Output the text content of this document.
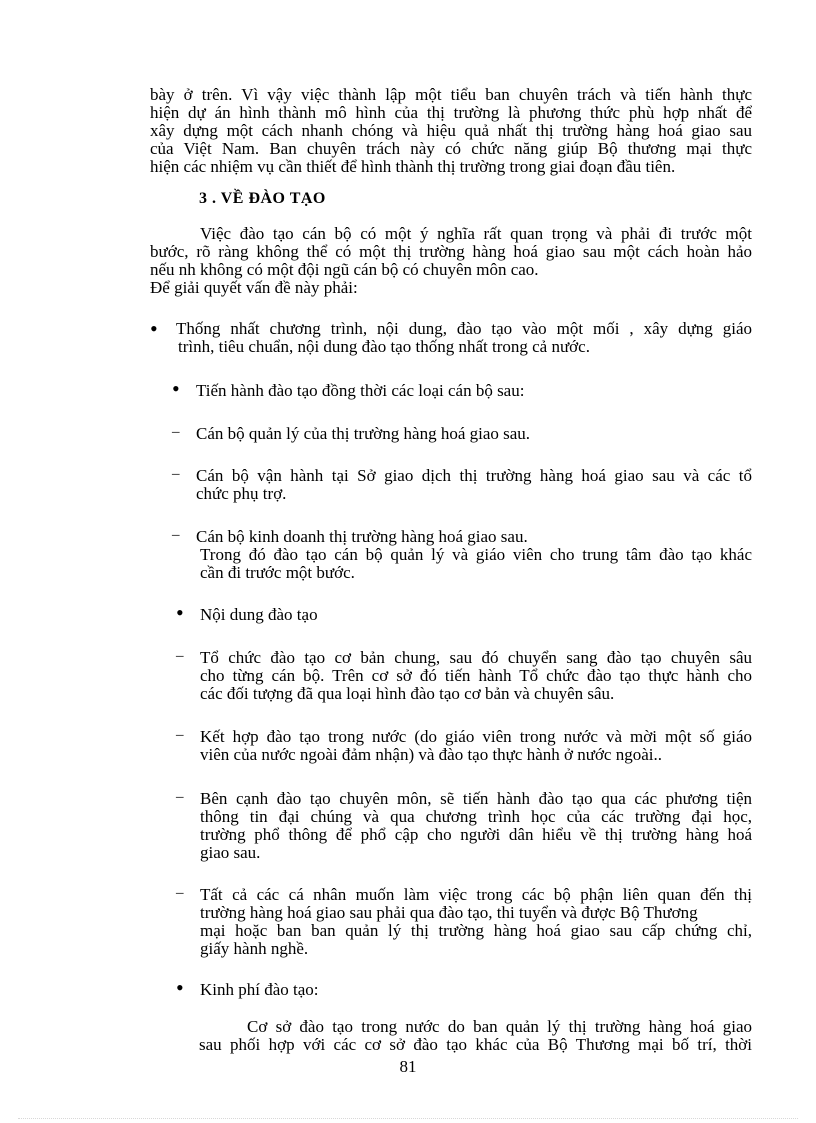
bày ở trên. Vì vậy việc thành lập một tiểu ban chuyên trách và tiến hành thực
hiện dự án hình thành mô hình của thị trường là phương thức phù hợp nhất để
xây dựng một cách nhanh chóng và hiệu quả nhất thị trường hàng hoá giao sau
của Việt Nam. Ban chuyên trách này có chức năng giúp Bộ thương mại thực
hiện các nhiệm vụ cần thiết để hình thành thị trường trong giai đoạn đầu tiên.
3 . VỀ ĐÀO TẠO
Việc đào tạo cán bộ có một ý nghĩa rất quan trọng và phải đi trước một
bước, rõ ràng không thể có một thị trường hàng hoá giao sau một cách hoàn hảo
nếu nh không có một đội ngũ cán bộ có chuyên môn cao.
Để giải quyết vấn đề này phải:
• Thống nhất chương trình, nội dung, đào tạo vào một mối , xây dựng giáo
trình, tiêu chuẩn, nội dung đào tạo thống nhất trong cả nước.
• Tiến hành đào tạo đồng thời các loại cán bộ sau:
– Cán bộ quản lý của thị trường hàng hoá giao sau.
– Cán bộ vận hành tại Sở giao dịch thị trường hàng hoá giao sau và các tổ
chức phụ trợ.
– Cán bộ kinh doanh thị trường hàng hoá giao sau.
Trong đó đào tạo cán bộ quản lý và giáo viên cho trung tâm đào tạo khác
cần đi trước một bước.
• Nội dung đào tạo
– Tổ chức đào tạo cơ bản chung, sau đó chuyển sang đào tạo chuyên sâu
cho từng cán bộ. Trên cơ sở đó tiến hành Tổ chức đào tạo thực hành cho
các đối tượng đã qua loại hình đào tạo cơ bản và chuyên sâu.
– Kết hợp đào tạo trong nước (do giáo viên trong nước và mời một số giáo
viên của nước ngoài đảm nhận) và đào tạo thực hành ở nước ngoài..
– Bên cạnh đào tạo chuyên môn, sẽ tiến hành đào tạo qua các phương tiện
thông tin đại chúng và qua chương trình học của các trường đại học,
trường phổ thông để phổ cập cho người dân hiểu về thị trường hàng hoá
giao sau.
– Tất cả các cá nhân muốn làm việc trong các bộ phận liên quan đến thị
trường hàng hoá giao sau phải qua đào tạo, thi tuyển và được Bộ Thương
mại hoặc ban ban quản lý thị trường hàng hoá giao sau cấp chứng chỉ,
giấy hành nghề.
• Kinh phí đào tạo:
Cơ sở đào tạo trong nước do ban quản lý thị trường hàng hoá giao
sau phối hợp với các cơ sở đào tạo khác của Bộ Thương mại bố trí, thời
81
